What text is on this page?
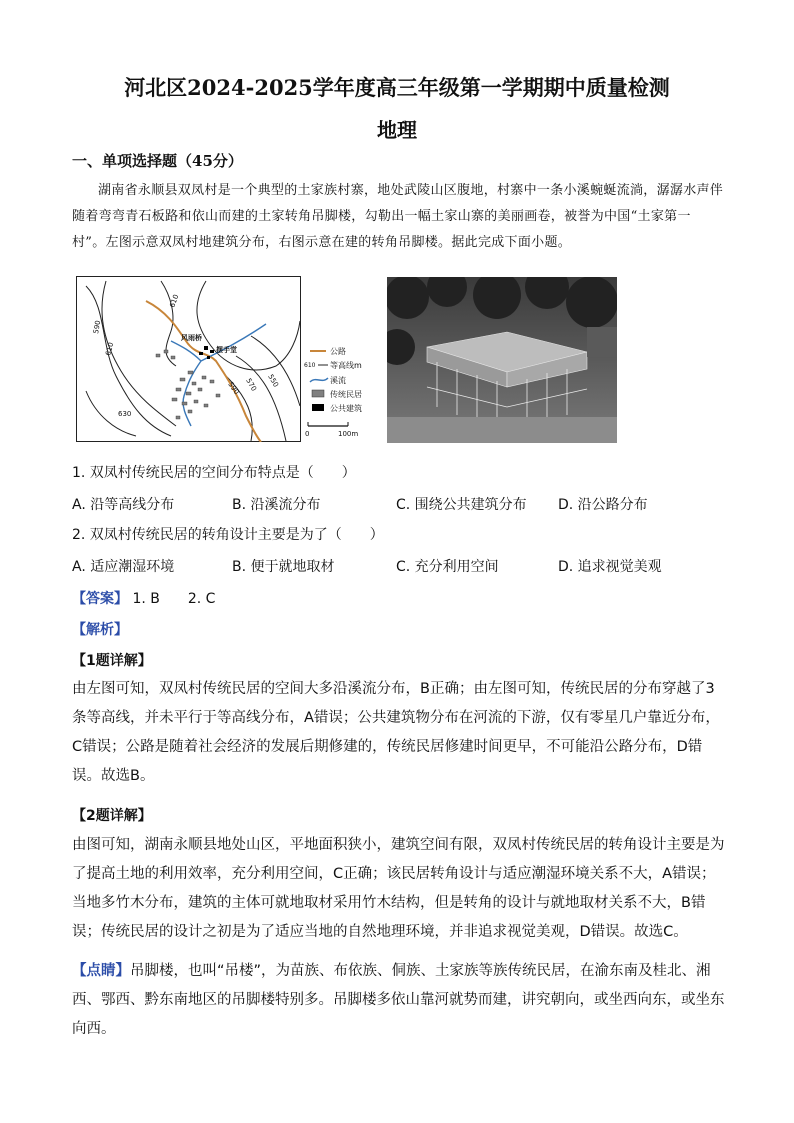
河北区2024-2025学年度高三年级第一学期期中质量检测
地理
一、单项选择题（45分）

湖南省永顺县双凤村是一个典型的土家族村寨，地处武陵山区腹地，村寨中一条小溪蜿蜒流淌，潺潺水声伴随着弯弯青石板路和依山而建的土家转角吊脚楼，勾勒出一幅土家山寨的美丽画卷，被誉为中国“土家第一村”。左图示意双凤村地建筑分布，右图示意在建的转角吊脚楼。据此完成下面小题。

610
590
610
630
590 570 550
风雨桥
摆手堂	公路
610 等高线m
溪流
传统民居
公共建筑
0	100m
1. 双凤村传统民居的空间分布特点是（　　）
A. 沿等高线分布	B. 沿溪流分布	C. 围绕公共建筑分布 D. 沿公路分布
2. 双凤村传统民居的转角设计主要是为了（　　）
A. 适应潮湿环境	B. 便于就地取材	C. 充分利用空间	D. 追求视觉美观
【答案】 1. B　　2. C
【解析】
【1题详解】

由左图可知，双凤村传统民居的空间大多沿溪流分布，B正确；由左图可知，传统民居的分布穿越了3条等高线，并未平行于等高线分布，A错误；公共建筑物分布在河流的下游，仅有零星几户靠近分布，C错误；公路是随着社会经济的发展后期修建的，传统民居修建时间更早，不可能沿公路分布，D错误。故选B。

【2题详解】

由图可知，湖南永顺县地处山区，平地面积狭小，建筑空间有限，双凤村传统民居的转角设计主要是为了提高土地的利用效率，充分利用空间，C正确；该民居转角设计与适应潮湿环境关系不大，A错误；当地多竹木分布，建筑的主体可就地取材采用竹木结构，但是转角的设计与就地取材关系不大，B错误；传统民居的设计之初是为了适应当地的自然地理环境，并非追求视觉美观，D错误。故选C。

【点睛】吊脚楼，也叫“吊楼”，为苗族、布依族、侗族、土家族等族传统民居，在渝东南及桂北、湘西、鄂西、黔东南地区的吊脚楼特别多。吊脚楼多依山靠河就势而建，讲究朝向，或坐西向东，或坐东向西。
